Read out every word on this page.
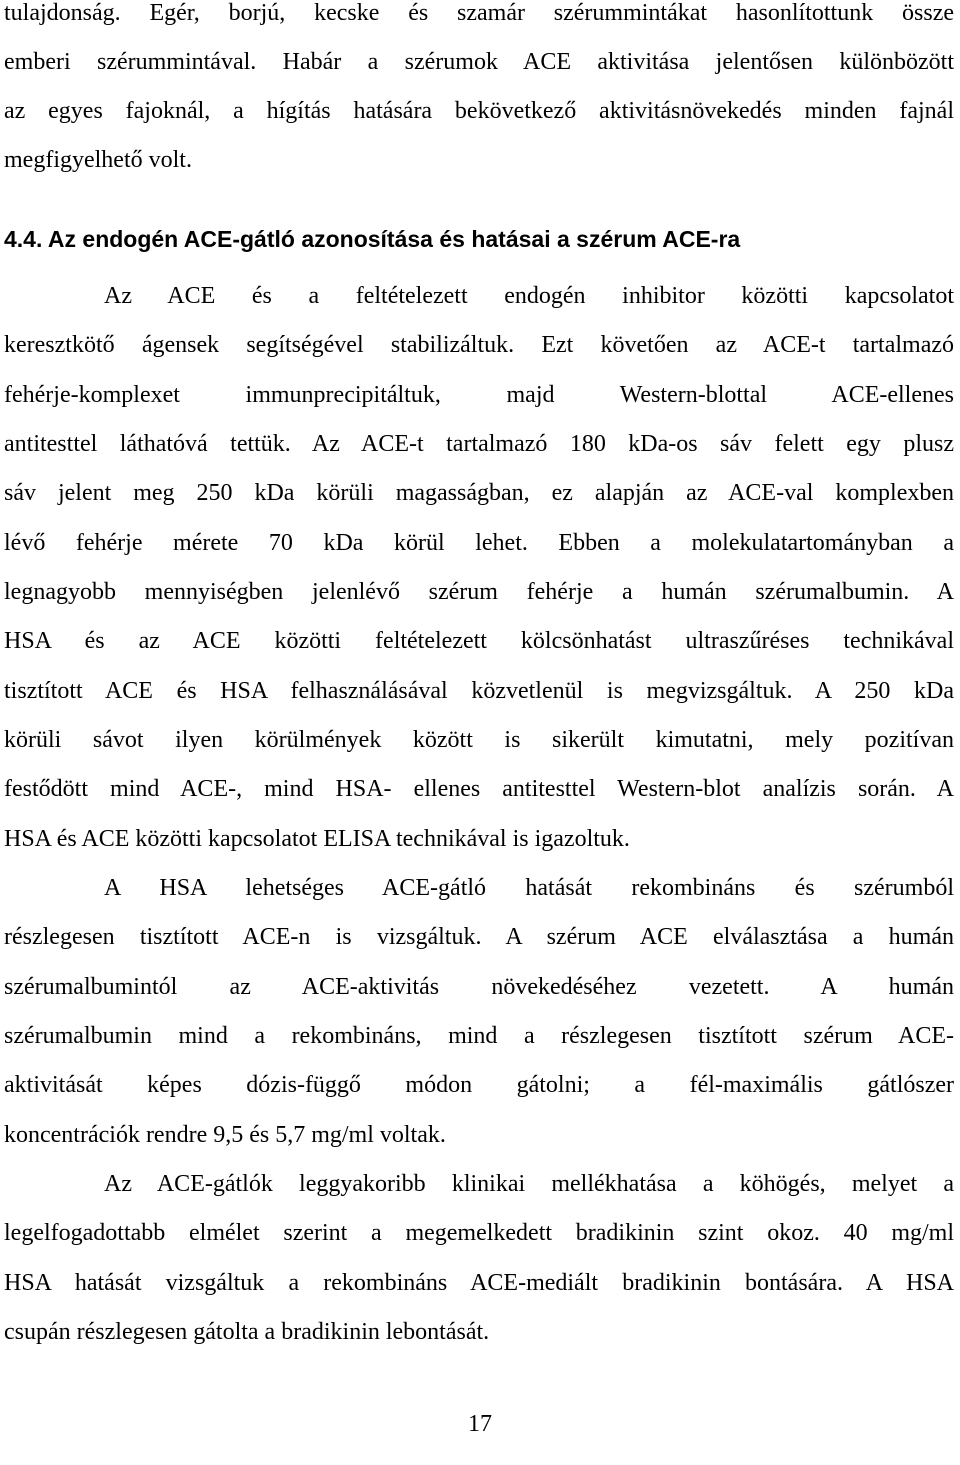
tulajdonság. Egér, borjú, kecske és szamár szérummintákat hasonlítottunk össze
emberi szérummintával. Habár a szérumok ACE aktivitása jelentősen különbözött
az egyes fajoknál, a hígítás hatására bekövetkező aktivitásnövekedés minden fajnál
megfigyelhető volt.
4.4. Az endogén ACE-gátló azonosítása és hatásai a szérum ACE-ra
Az ACE és a feltételezett endogén inhibitor közötti kapcsolatot
keresztkötő ágensek segítségével stabilizáltuk. Ezt követően az ACE-t tartalmazó
fehérje-komplexet immunprecipitáltuk, majd Western-blottal ACE-ellenes
antitesttel láthatóvá tettük. Az ACE-t tartalmazó 180 kDa-os sáv felett egy plusz
sáv jelent meg 250 kDa körüli magasságban, ez alapján az ACE-val komplexben
lévő fehérje mérete 70 kDa körül lehet. Ebben a molekulatartományban a
legnagyobb mennyiségben jelenlévő szérum fehérje a humán szérumalbumin. A
HSA és az ACE közötti feltételezett kölcsönhatást ultraszűréses technikával
tisztított ACE és HSA felhasználásával közvetlenül is megvizsgáltuk. A 250 kDa
körüli sávot ilyen körülmények között is sikerült kimutatni, mely pozitívan
festődött mind ACE-, mind HSA- ellenes antitesttel Western-blot analízis során. A
HSA és ACE közötti kapcsolatot ELISA technikával is igazoltuk.
A HSA lehetséges ACE-gátló hatását rekombináns és szérumból
részlegesen tisztított ACE-n is vizsgáltuk. A szérum ACE elválasztása a humán
szérumalbumintól az ACE-aktivitás növekedéséhez vezetett. A humán
szérumalbumin mind a rekombináns, mind a részlegesen tisztított szérum ACE-
aktivitását képes dózis-függő módon gátolni; a fél-maximális gátlószer
koncentrációk rendre 9,5 és 5,7 mg/ml voltak.
Az ACE-gátlók leggyakoribb klinikai mellékhatása a köhögés, melyet a
legelfogadottabb elmélet szerint a megemelkedett bradikinin szint okoz. 40 mg/ml
HSA hatását vizsgáltuk a rekombináns ACE-mediált bradikinin bontására. A HSA
csupán részlegesen gátolta a bradikinin lebontását.
17
